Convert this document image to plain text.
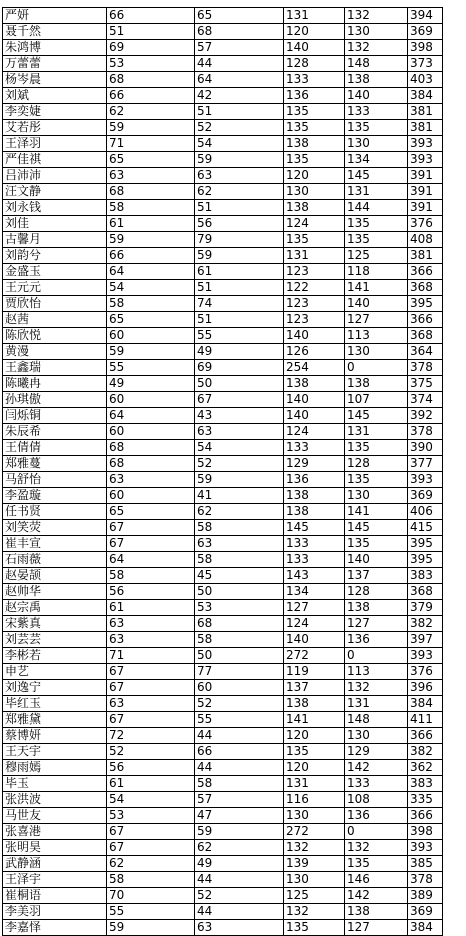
严妍	66	65	131	132	394
聂千然	51	68	120	130	369
朱鸿博	69	57	140	132	398
万蕾蕾	53	44	128	148	373
杨岑晨	68	64	133	138	403
刘斌	66	42	136	140	384
李奕婕	62	51	135	133	381
艾若彤	59	52	135	135	381
王泽羽	71	54	138	130	393
严佳祺	65	59	135	134	393
吕沛沛	63	63	120	145	391
汪文静	68	62	130	131	391
刘永钱	58	51	138	144	391
刘佳	61	56	124	135	376
古馨月	59	79	135	135	408
刘韵兮	66	59	131	125	381
金盛玉	64	61	123	118	366
王元元	54	51	122	141	368
贾欣怡	58	74	123	140	395
赵茜	65	51	123	127	366
陈欣悦	60	55	140	113	368
黄漫	59	49	126	130	364
王鑫瑞	55	69	254	0	378
陈曦冉	49	50	138	138	375
孙琪傲	60	67	140	107	374
闫烁铜	64	43	140	145	392
朱辰希	60	63	124	131	378
王倩倩	68	54	133	135	390
郑雅蔓	68	52	129	128	377
马舒怡	63	59	136	135	393
李盈璇	60	41	138	130	369
任书贤	65	62	138	141	406
刘笑荧	67	58	145	145	415
崔丰宣	67	63	133	135	395
石雨薇	64	58	133	140	395
赵晏颉	58	45	143	137	383
赵帅华	56	50	134	128	368
赵宗禹	61	53	127	138	379
宋紫真	63	68	124	127	382
刘芸芸	63	58	140	136	397
李彬若	71	50	272	0	393
申艺	67	77	119	113	376
刘逸宁	67	60	137	132	396
毕红玉	63	52	138	131	384
郑雅黛	67	55	141	148	411
蔡博妍	72	44	120	130	366
王天宇	52	66	135	129	382
穆雨嫣	56	44	120	142	362
毕玉	61	58	131	133	383
张洪波	54	57	116	108	335
马世友	53	47	130	136	366
张喜港	67	59	272	0	398
张明昊	67	62	132	132	393
武静涵	62	49	139	135	385
王泽宇	58	44	130	146	378
崔桐语	70	52	125	142	389
李美羽	55	44	132	138	369
李嘉怿	59	63	135	127	384
